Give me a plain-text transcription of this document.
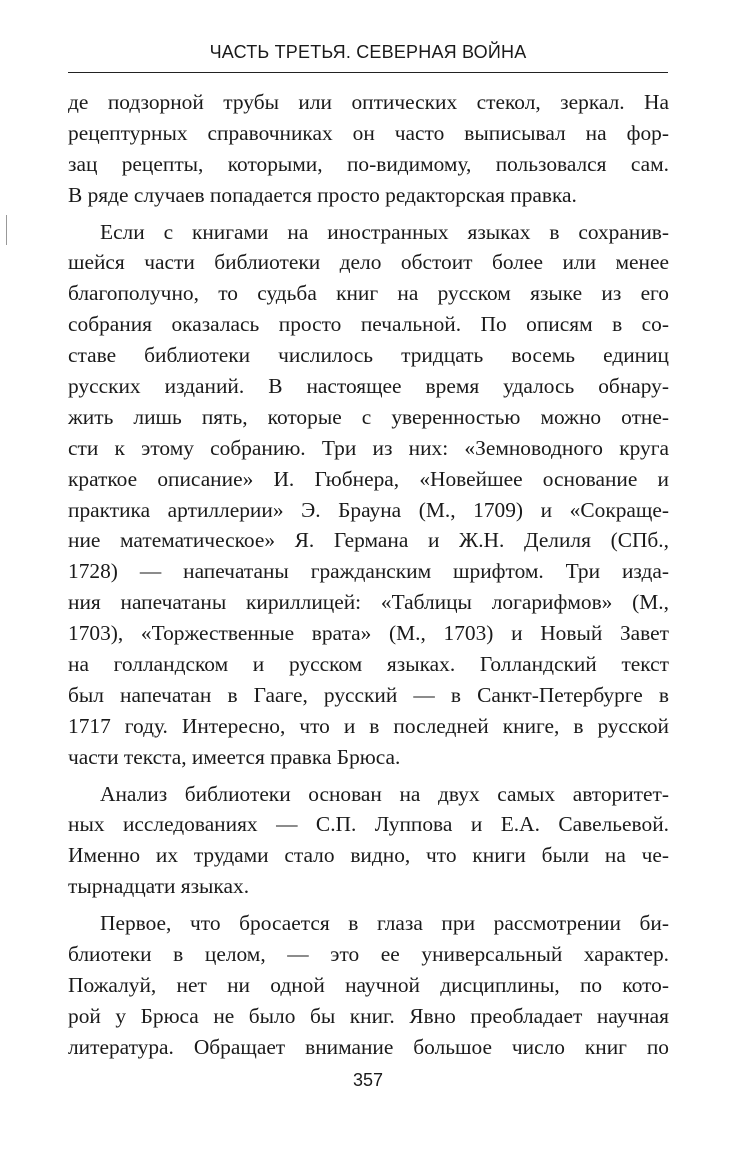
ЧАСТЬ ТРЕТЬЯ. СЕВЕРНАЯ ВОЙНА
де подзорной трубы или оптических стекол, зеркал. На
рецептурных справочниках он часто выписывал на фор-
зац рецепты, которыми, по-видимому, пользовался сам.
В ряде случаев попадается просто редакторская правка.
Если с книгами на иностранных языках в сохранив-
шейся части библиотеки дело обстоит более или менее
благополучно, то судьба книг на русском языке из его
собрания оказалась просто печальной. По описям в со-
ставе библиотеки числилось тридцать восемь единиц
русских изданий. В настоящее время удалось обнару-
жить лишь пять, которые с уверенностью можно отне-
сти к этому собранию. Три из них: «Земноводного круга
краткое описание» И. Гюбнера, «Новейшее основание и
практика артиллерии» Э. Брауна (М., 1709) и «Сокраще-
ние математическое» Я. Германа и Ж.Н. Делиля (СПб.,
1728) — напечатаны гражданским шрифтом. Три изда-
ния напечатаны кириллицей: «Таблицы логарифмов» (М.,
1703), «Торжественные врата» (М., 1703) и Новый Завет
на голландском и русском языках. Голландский текст
был напечатан в Гааге, русский — в Санкт-Петербурге в
1717 году. Интересно, что и в последней книге, в русской
части текста, имеется правка Брюса.
Анализ библиотеки основан на двух самых авторитет-
ных исследованиях — С.П. Луппова и Е.А. Савельевой.
Именно их трудами стало видно, что книги были на че-
тырнадцати языках.
Первое, что бросается в глаза при рассмотрении би-
блиотеки в целом, — это ее универсальный характер.
Пожалуй, нет ни одной научной дисциплины, по кото-
рой у Брюса не было бы книг. Явно преобладает научная
литература. Обращает внимание большое число книг по
357
